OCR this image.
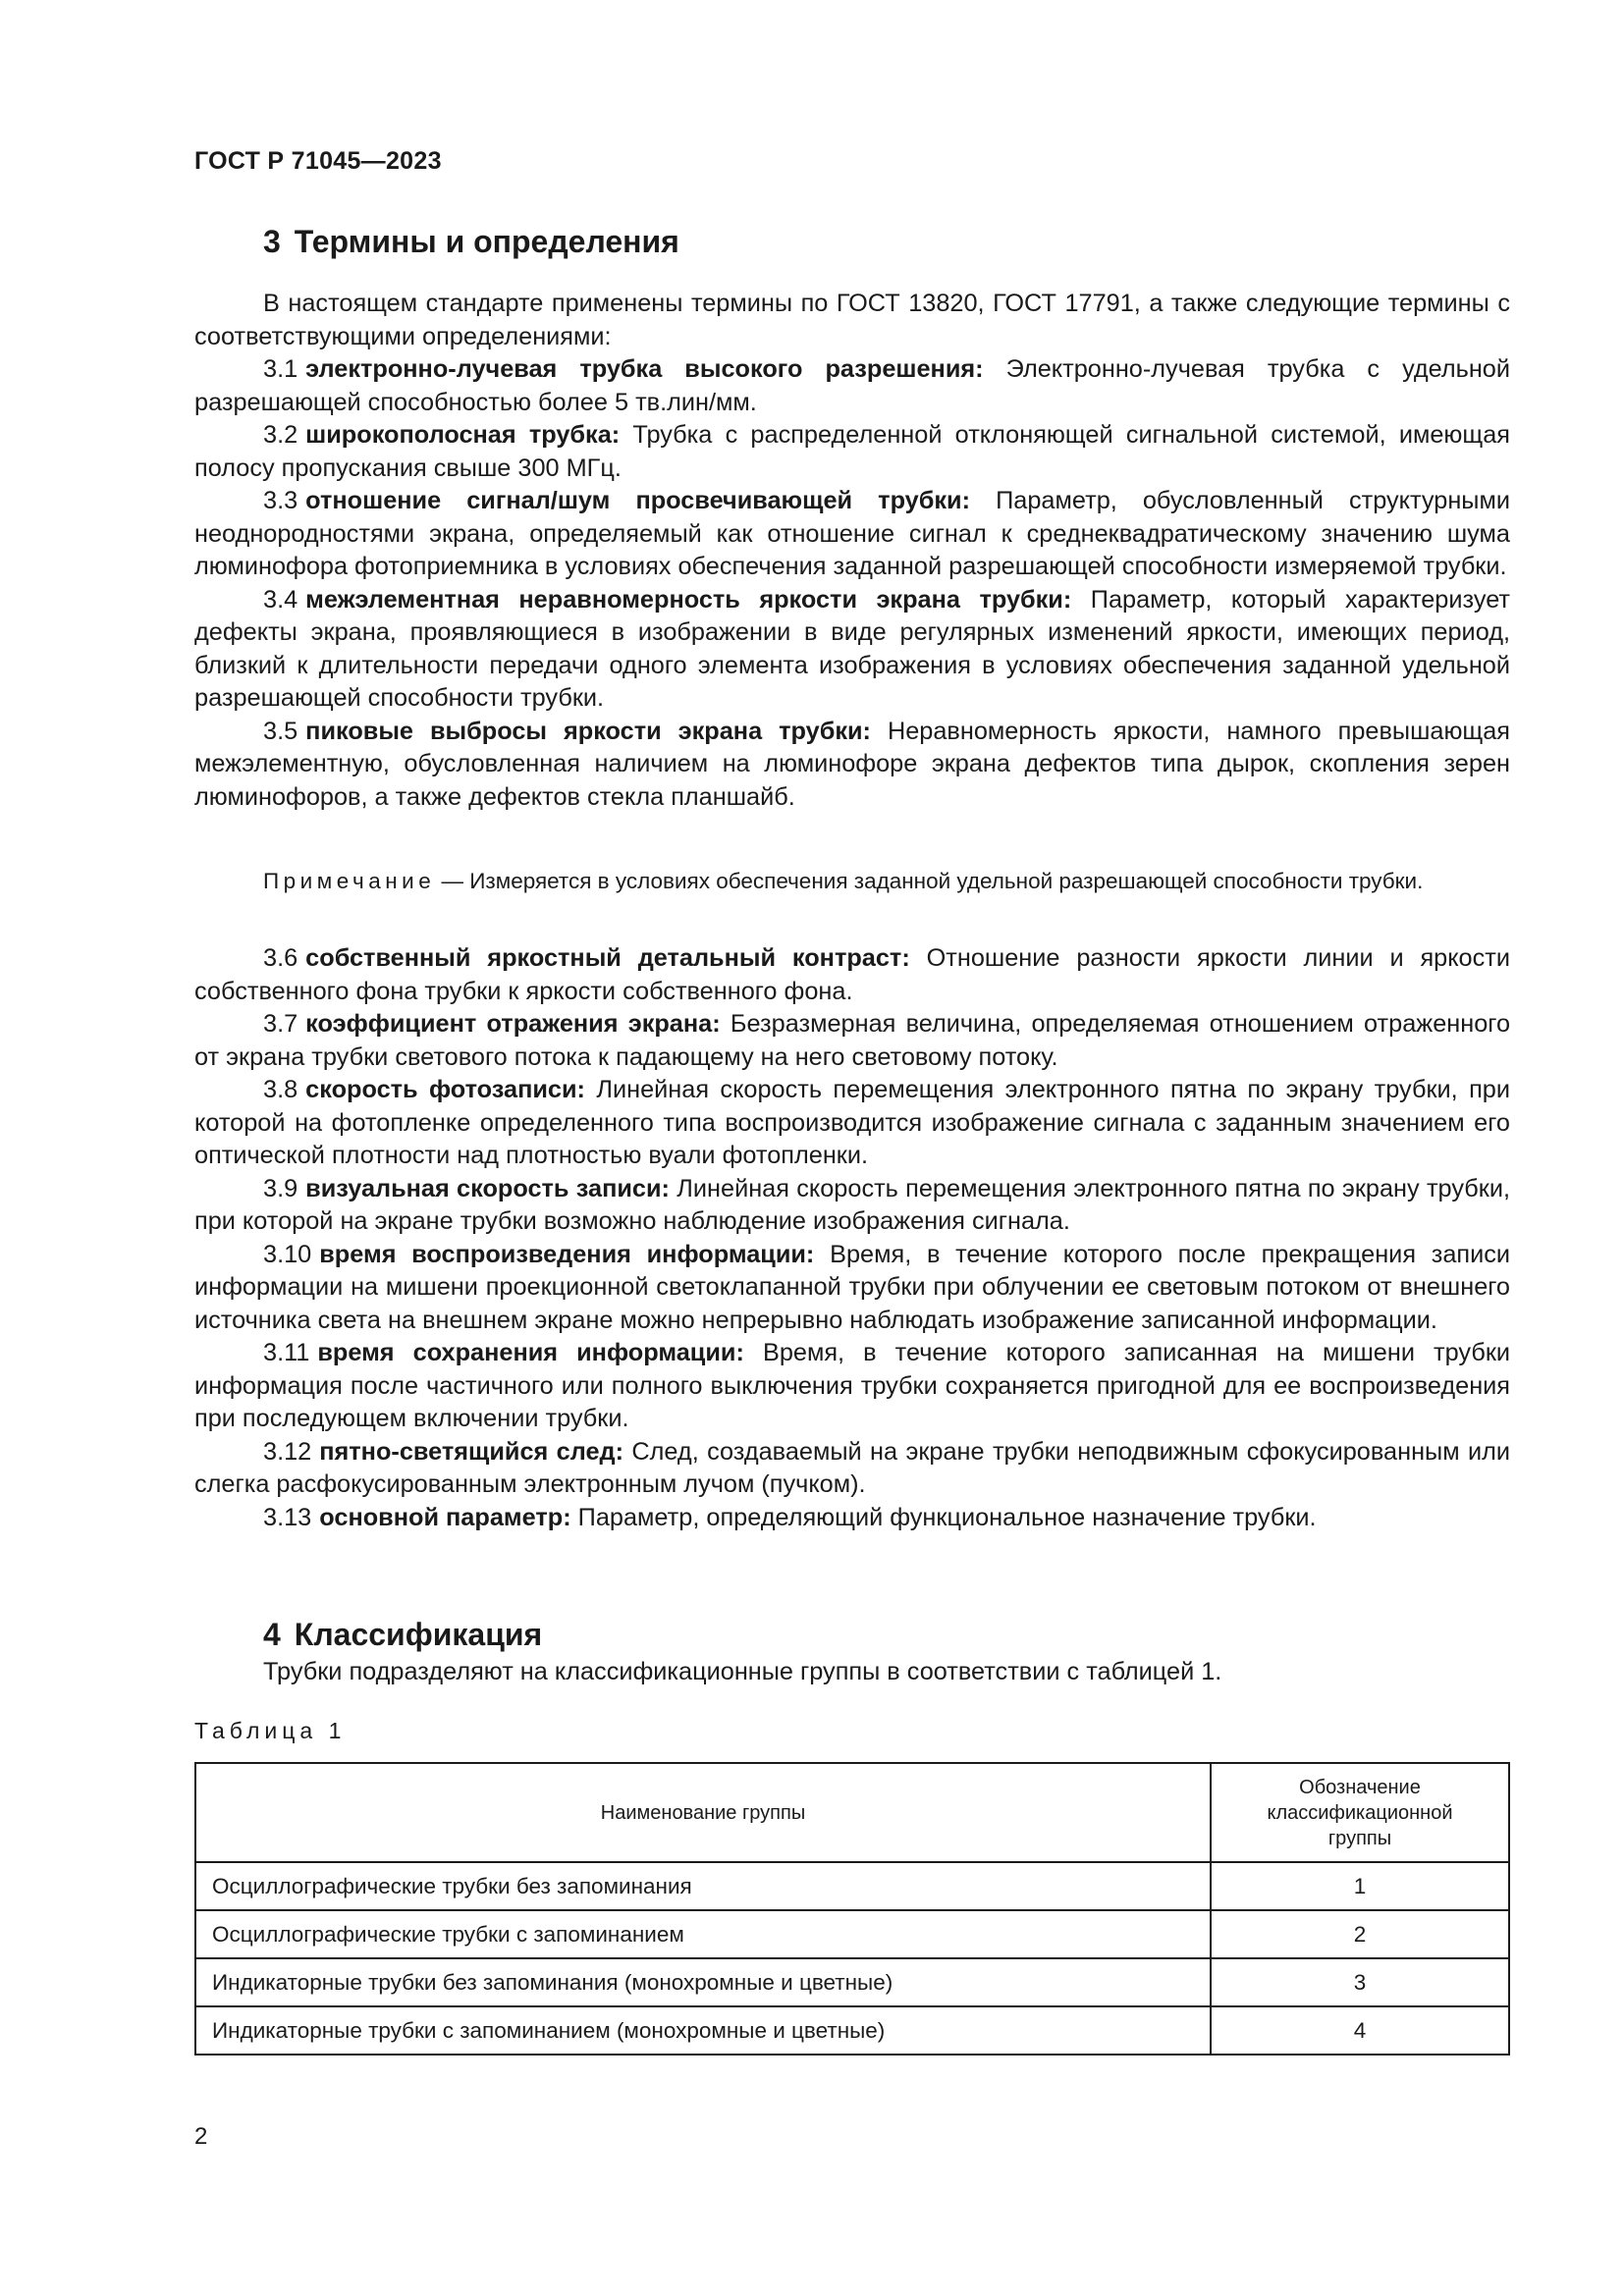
ГОСТ Р 71045—2023
3 Термины и определения

В настоящем стандарте применены термины по ГОСТ 13820, ГОСТ 17791, а также следующие термины с соответствующими определениями:

3.1 электронно-лучевая трубка высокого разрешения: Электронно-лучевая трубка с удельной разрешающей способностью более 5 тв.лин/мм.

3.2 широкополосная трубка: Трубка с распределенной отклоняющей сигнальной системой, имеющая полосу пропускания свыше 300 МГц.

3.3 отношение сигнал/шум просвечивающей трубки: Параметр, обусловленный структурными неоднородностями экрана, определяемый как отношение сигнал к среднеквадратическому значению шума люминофора фотоприемника в условиях обеспечения заданной разрешающей способности измеряемой трубки.

3.4 межэлементная неравномерность яркости экрана трубки: Параметр, который характеризует дефекты экрана, проявляющиеся в изображении в виде регулярных изменений яркости, имеющих период, близкий к длительности передачи одного элемента изображения в условиях обеспечения заданной удельной разрешающей способности трубки.

3.5 пиковые выбросы яркости экрана трубки: Неравномерность яркости, намного превышающая межэлементную, обусловленная наличием на люминофоре экрана дефектов типа дырок, скопления зерен люминофоров, а также дефектов стекла планшайб.

Примечание — Измеряется в условиях обеспечения заданной удельной разрешающей способности трубки.

3.6 собственный яркостный детальный контраст: Отношение разности яркости линии и яркости собственного фона трубки к яркости собственного фона.

3.7 коэффициент отражения экрана: Безразмерная величина, определяемая отношением отраженного от экрана трубки светового потока к падающему на него световому потоку.

3.8 скорость фотозаписи: Линейная скорость перемещения электронного пятна по экрану трубки, при которой на фотопленке определенного типа воспроизводится изображение сигнала с заданным значением его оптической плотности над плотностью вуали фотопленки.

3.9 визуальная скорость записи: Линейная скорость перемещения электронного пятна по экрану трубки, при которой на экране трубки возможно наблюдение изображения сигнала.

3.10 время воспроизведения информации: Время, в течение которого после прекращения записи информации на мишени проекционной светоклапанной трубки при облучении ее световым потоком от внешнего источника света на внешнем экране можно непрерывно наблюдать изображение записанной информации.

3.11 время сохранения информации: Время, в течение которого записанная на мишени трубки информация после частичного или полного выключения трубки сохраняется пригодной для ее воспроизведения при последующем включении трубки.

3.12 пятно-светящийся след: След, создаваемый на экране трубки неподвижным сфокусированным или слегка расфокусированным электронным лучом (пучком).

3.13 основной параметр: Параметр, определяющий функциональное назначение трубки.

4 Классификация
Трубки подразделяют на классификационные группы в соответствии с таблицей 1.
Таблица 1
Наименование группы	Обозначение классификационной группы

Осциллографические трубки без запоминания	1
Осциллографические трубки с запоминанием	2
Индикаторные трубки без запоминания (монохромные и цветные)	3
Индикаторные трубки с запоминанием (монохромные и цветные)	4
2
